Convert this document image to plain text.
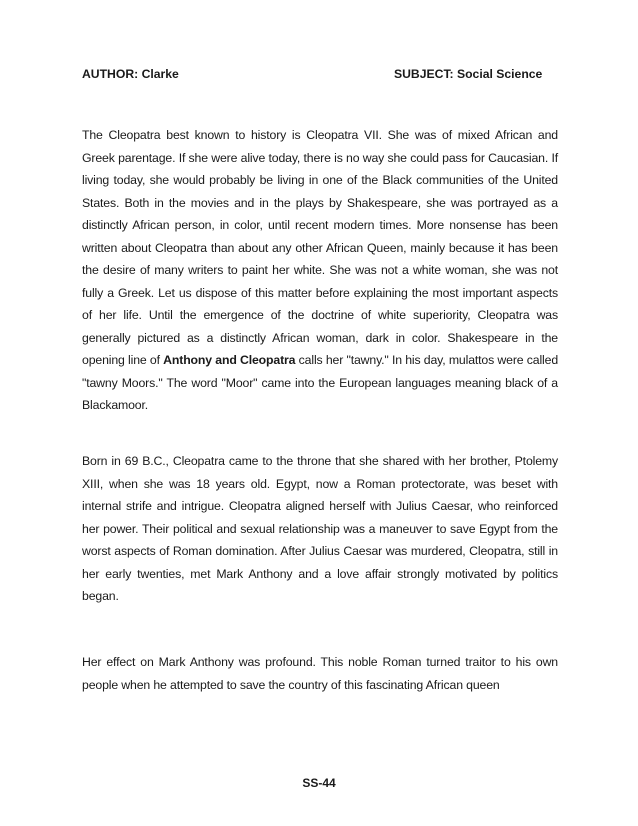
AUTHOR: Clarke	SUBJECT: Social Science

The Cleopatra best known to history is Cleopatra VII. She was of mixed African and Greek parentage. If she were alive today, there is no way she could pass for Caucasian. If living today, she would probably be living in one of the Black communities of the United States. Both in the movies and in the plays by Shakespeare, she was portrayed as a distinctly African person, in color, until recent modern times. More nonsense has been written about Cleopatra than about any other African Queen, mainly because it has been the desire of many writers to paint her white. She was not a white woman, she was not fully a Greek. Let us dispose of this matter before explaining the most important aspects of her life. Until the emergence of the doctrine of white superiority, Cleopatra was generally pictured as a distinctly African woman, dark in color. Shakespeare in the opening line of Anthony and Cleopatra calls her "tawny." In his day, mulattos were called "tawny Moors." The word "Moor" came into the European languages meaning black of a Blackamoor.

Born in 69 B.C., Cleopatra came to the throne that she shared with her brother, Ptolemy XIII, when she was 18 years old. Egypt, now a Roman protectorate, was beset with internal strife and intrigue. Cleopatra aligned herself with Julius Caesar, who reinforced her power. Their political and sexual relationship was a maneuver to save Egypt from the worst aspects of Roman domination. After Julius Caesar was murdered, Cleopatra, still in her early twenties, met Mark Anthony and a love affair strongly motivated by politics began.

Her effect on Mark Anthony was profound. This noble Roman turned traitor to his own people when he attempted to save the country of this fascinating African queen

SS-44
